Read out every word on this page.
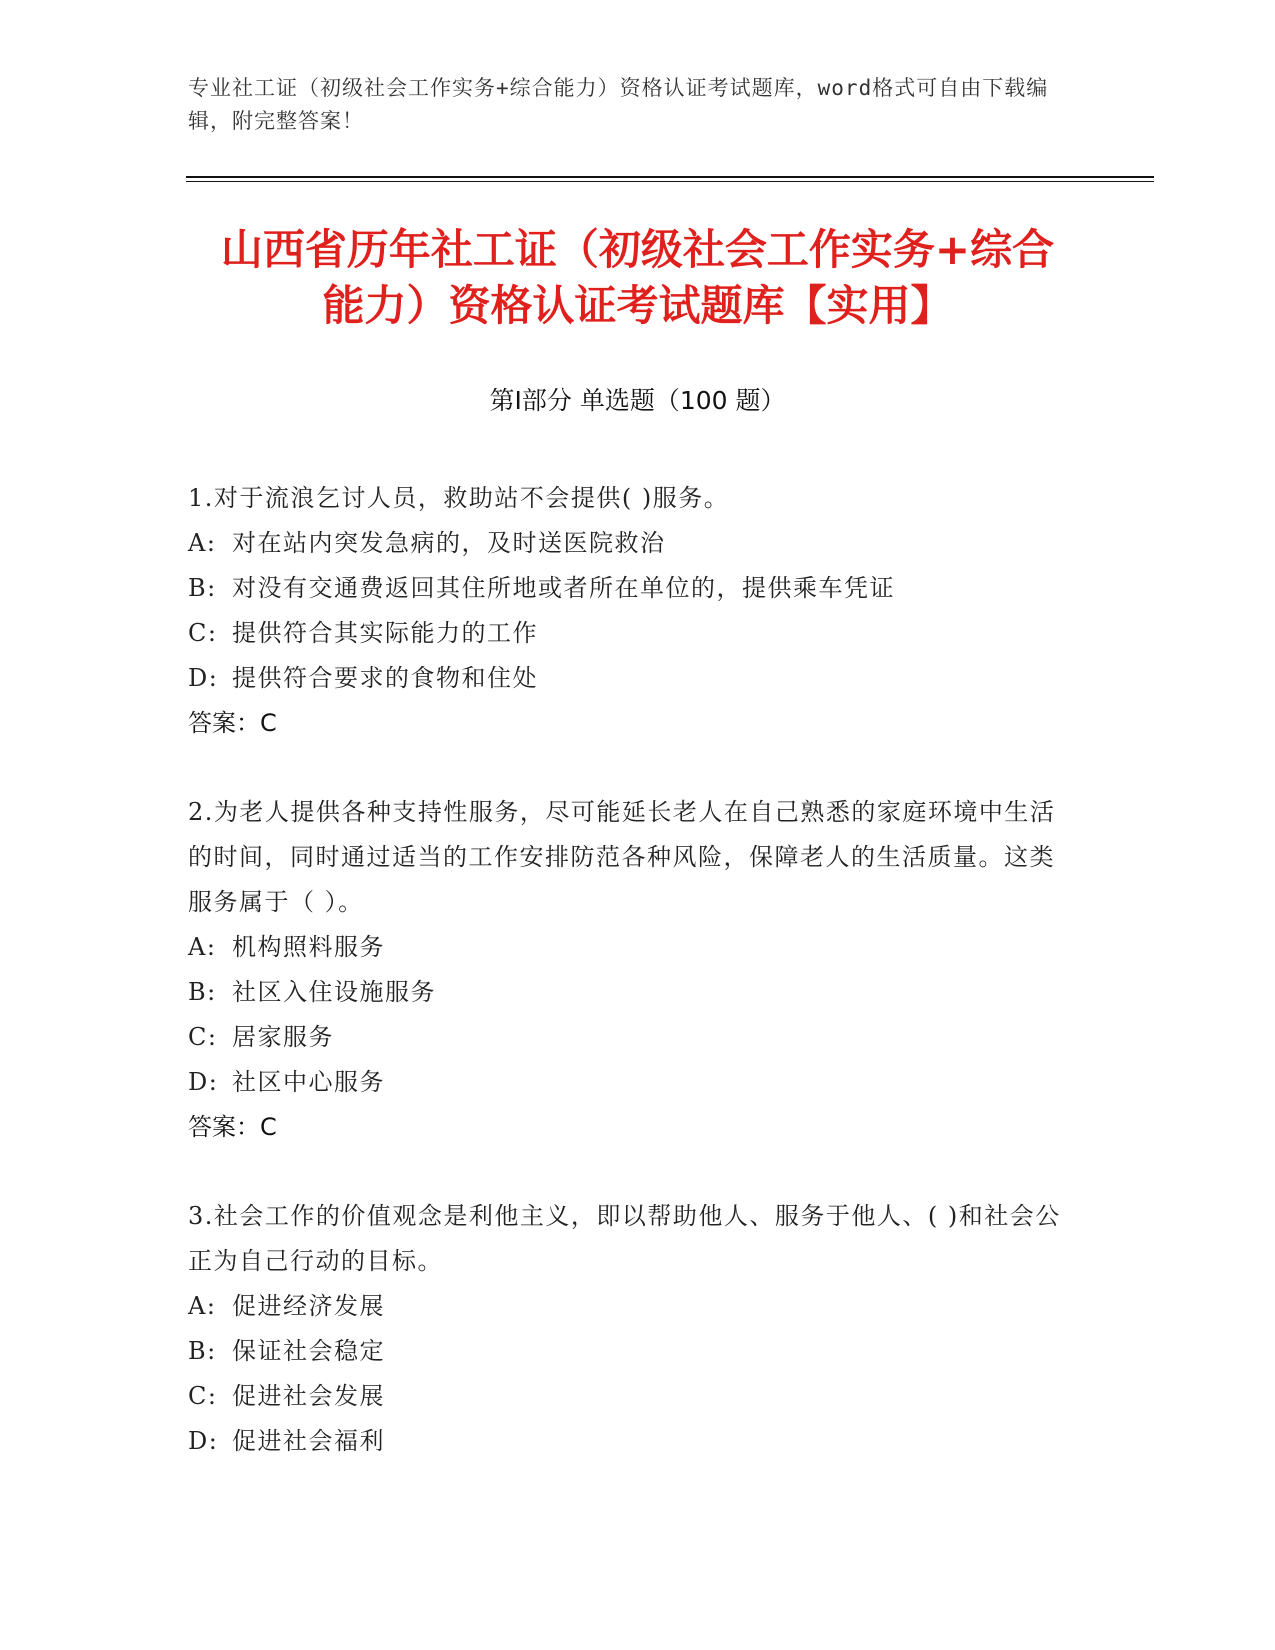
专业社工证（初级社会工作实务+综合能力）资格认证考试题库，word格式可自由下载编辑，附完整答案！
山西省历年社工证（初级社会工作实务+综合
能力）资格认证考试题库【实用】
第Ⅰ部分 单选题（100 题）
1.对于流浪乞讨人员，救助站不会提供( )服务。
A: 对在站内突发急病的，及时送医院救治
B: 对没有交通费返回其住所地或者所在单位的，提供乘车凭证
C: 提供符合其实际能力的工作
D: 提供符合要求的食物和住处
答案：C
2.为老人提供各种支持性服务，尽可能延长老人在自己熟悉的家庭环境中生活的时间，同时通过适当的工作安排防范各种风险，保障老人的生活质量。这类服务属于（ ）。
A: 机构照料服务
B: 社区入住设施服务
C: 居家服务
D: 社区中心服务
答案：C
3.社会工作的价值观念是利他主义，即以帮助他人、服务于他人、( )和社会公正为自己行动的目标。
A: 促进经济发展
B: 保证社会稳定
C: 促进社会发展
D: 促进社会福利
